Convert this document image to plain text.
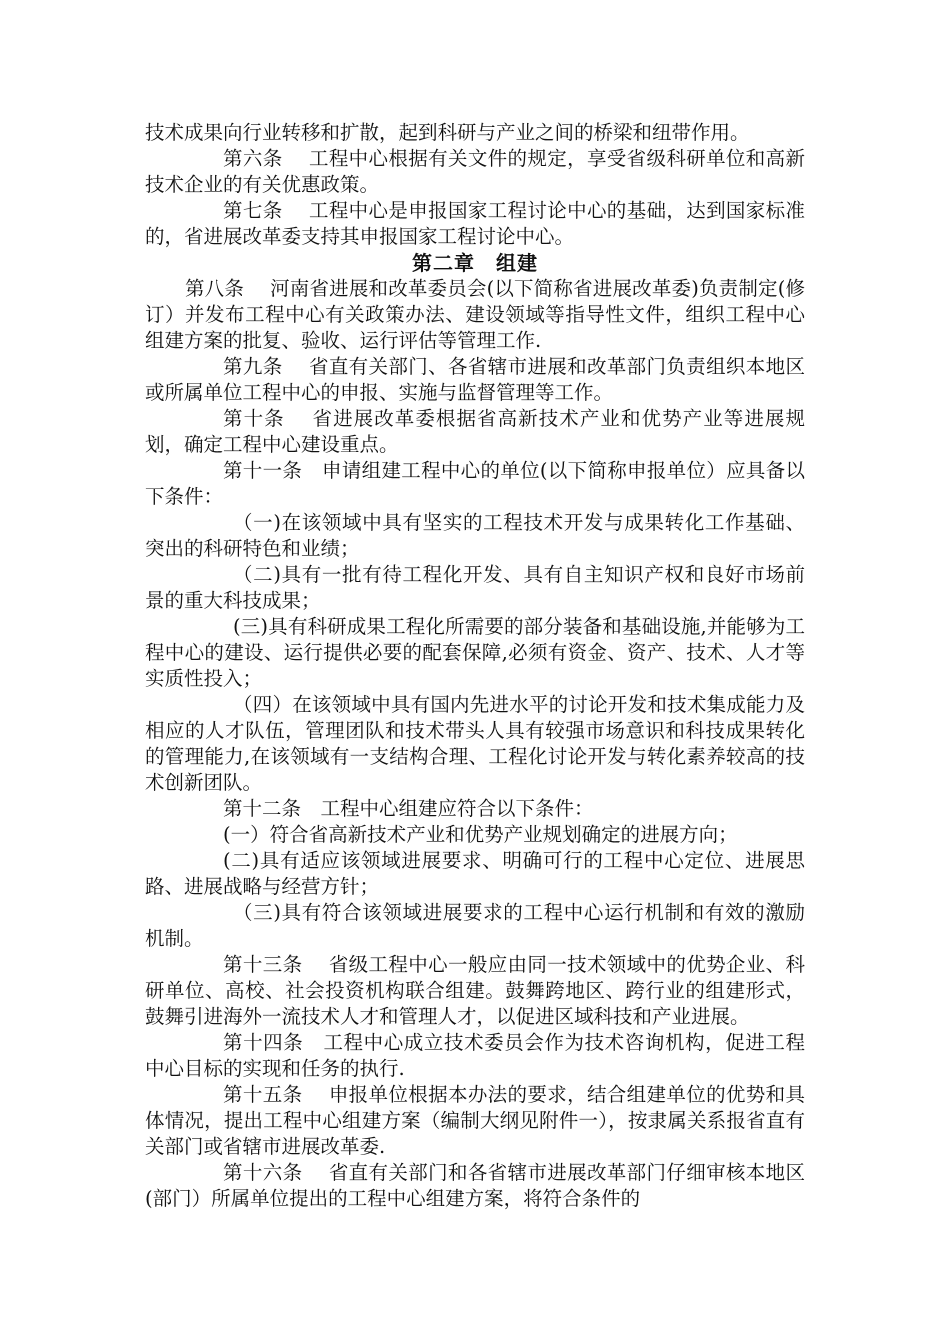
技术成果向行业转移和扩散，起到科研与产业之间的桥梁和纽带作用。

第六条　 工程中心根据有关文件的规定，享受省级科研单位和高新技术企业的有关优惠政策。

第七条　 工程中心是申报国家工程讨论中心的基础，达到国家标准的，省进展改革委支持其申报国家工程讨论中心。

第二章　组建

第八条　 河南省进展和改革委员会(以下简称省进展改革委)负责制定(修订）并发布工程中心有关政策办法、建设领域等指导性文件，组织工程中心组建方案的批复、验收、运行评估等管理工作.

第九条　 省直有关部门、各省辖市进展和改革部门负责组织本地区或所属单位工程中心的申报、实施与监督管理等工作。

第十条　 省进展改革委根据省高新技术产业和优势产业等进展规划，确定工程中心建设重点。

第十一条　申请组建工程中心的单位(以下简称申报单位）应具备以下条件：

（一)在该领域中具有坚实的工程技术开发与成果转化工作基础、突出的科研特色和业绩；

（二)具有一批有待工程化开发、具有自主知识产权和良好市场前景的重大科技成果；

(三)具有科研成果工程化所需要的部分装备和基础设施,并能够为工程中心的建设、运行提供必要的配套保障,必须有资金、资产、技术、人才等实质性投入；

（四）在该领域中具有国内先进水平的讨论开发和技术集成能力及相应的人才队伍，管理团队和技术带头人具有较强市场意识和科技成果转化的管理能力,在该领域有一支结构合理、工程化讨论开发与转化素养较高的技术创新团队。

第十二条　工程中心组建应符合以下条件：

(一）符合省高新技术产业和优势产业规划确定的进展方向；

(二)具有适应该领域进展要求、明确可行的工程中心定位、进展思路、进展战略与经营方针；

（三)具有符合该领域进展要求的工程中心运行机制和有效的激励机制。

第十三条　 省级工程中心一般应由同一技术领域中的优势企业、科研单位、高校、社会投资机构联合组建。鼓舞跨地区、跨行业的组建形式，鼓舞引进海外一流技术人才和管理人才，以促进区域科技和产业进展。

第十四条　工程中心成立技术委员会作为技术咨询机构，促进工程中心目标的实现和任务的执行.

第十五条　 申报单位根据本办法的要求，结合组建单位的优势和具体情况，提出工程中心组建方案（编制大纲见附件一），按隶属关系报省直有关部门或省辖市进展改革委.

第十六条　 省直有关部门和各省辖市进展改革部门仔细审核本地区(部门）所属单位提出的工程中心组建方案，将符合条件的
